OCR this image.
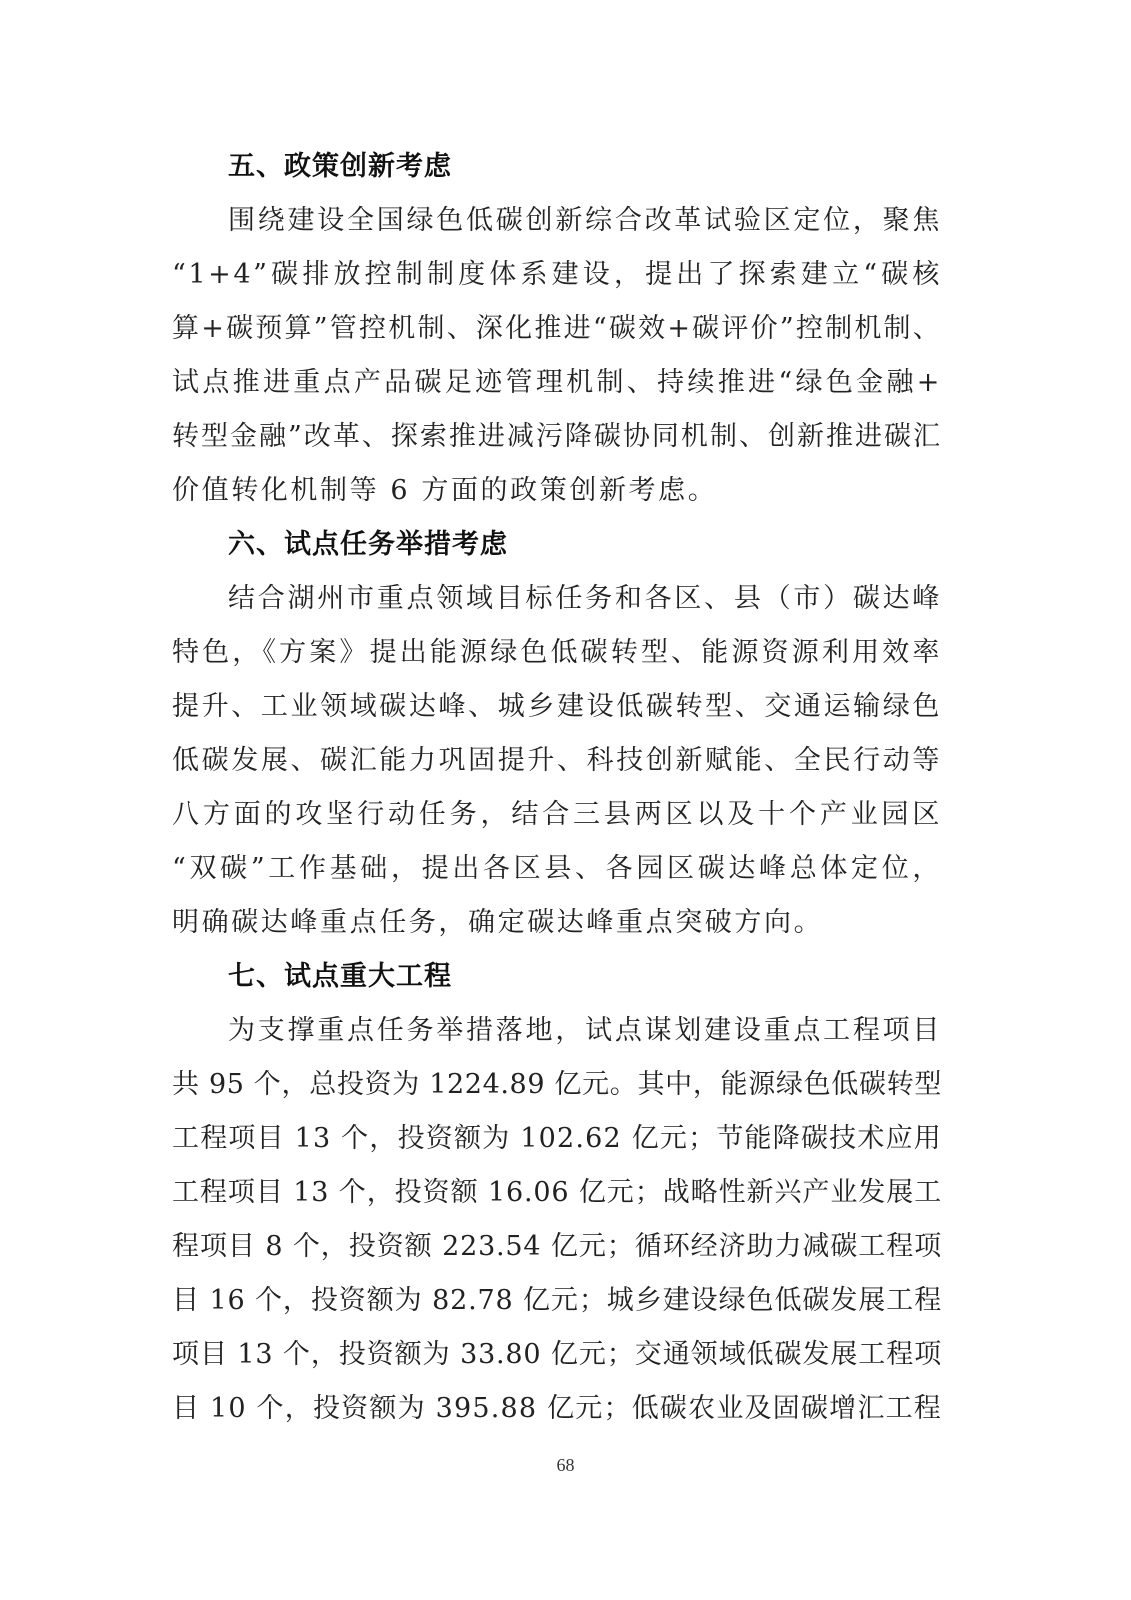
五、政策创新考虑
围绕建设全国绿色低碳创新综合改革试验区定位，聚焦
“1+4”碳排放控制制度体系建设，提出了探索建立“碳核
算+碳预算”管控机制、深化推进“碳效+碳评价”控制机制、
试点推进重点产品碳足迹管理机制、持续推进“绿色金融+
转型金融”改革、探索推进减污降碳协同机制、创新推进碳汇
价值转化机制等 6 方面的政策创新考虑。
六、试点任务举措考虑
结合湖州市重点领域目标任务和各区、县（市）碳达峰
特色，《方案》提出能源绿色低碳转型、能源资源利用效率
提升、工业领域碳达峰、城乡建设低碳转型、交通运输绿色
低碳发展、碳汇能力巩固提升、科技创新赋能、全民行动等
八方面的攻坚行动任务，结合三县两区以及十个产业园区
“双碳”工作基础，提出各区县、各园区碳达峰总体定位，
明确碳达峰重点任务，确定碳达峰重点突破方向。
七、试点重大工程
为支撑重点任务举措落地，试点谋划建设重点工程项目
共 95 个，总投资为 1224.89 亿元。其中，能源绿色低碳转型
工程项目 13 个，投资额为 102.62 亿元；节能降碳技术应用
工程项目 13 个，投资额 16.06 亿元；战略性新兴产业发展工
程项目 8 个，投资额 223.54 亿元；循环经济助力减碳工程项
目 16 个，投资额为 82.78 亿元；城乡建设绿色低碳发展工程
项目 13 个，投资额为 33.80 亿元；交通领域低碳发展工程项
目 10 个，投资额为 395.88 亿元；低碳农业及固碳增汇工程
68
